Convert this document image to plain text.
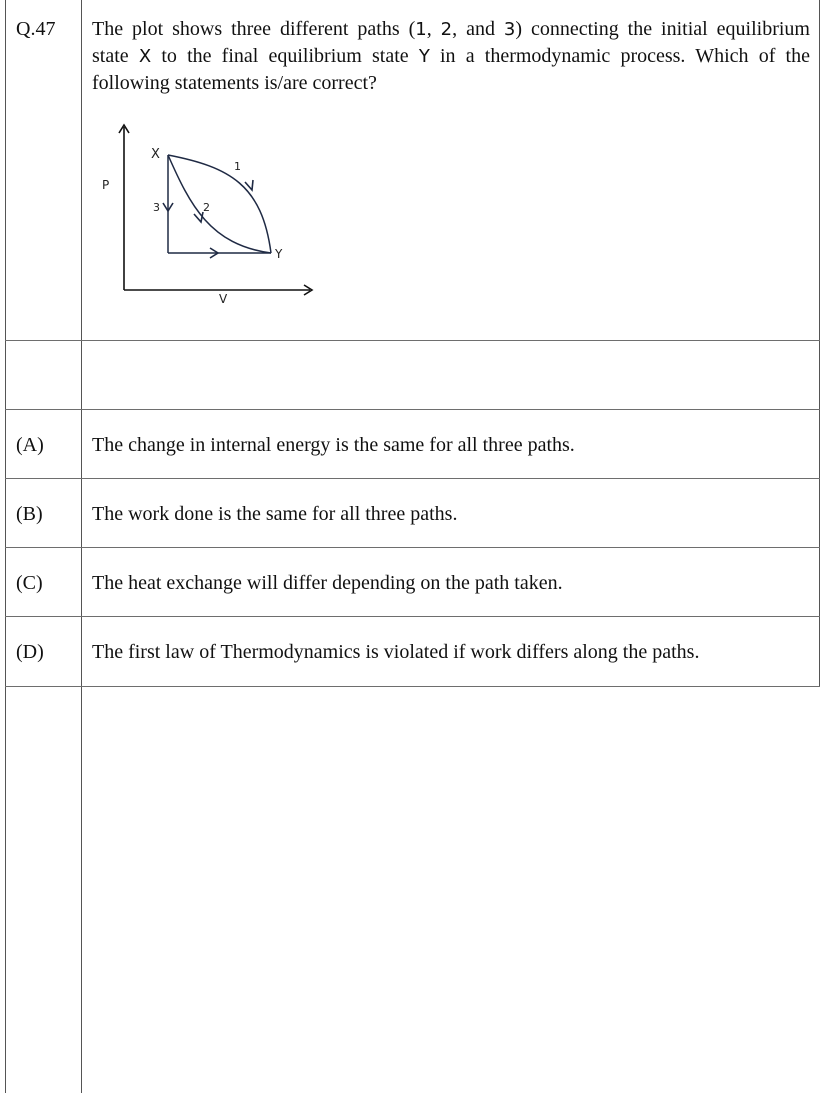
Q.47 The plot shows three different paths (1, 2, and 3) connecting the initial equilibrium
state X to the final equilibrium state Y in a thermodynamic process. Which of the
following statements is/are correct?
P
V
X
Y
1
2
3
(A) The change in internal energy is the same for all three paths.
(B) The work done is the same for all three paths.
(C) The heat exchange will differ depending on the path taken.
(D) The first law of Thermodynamics is violated if work differs along the paths.
